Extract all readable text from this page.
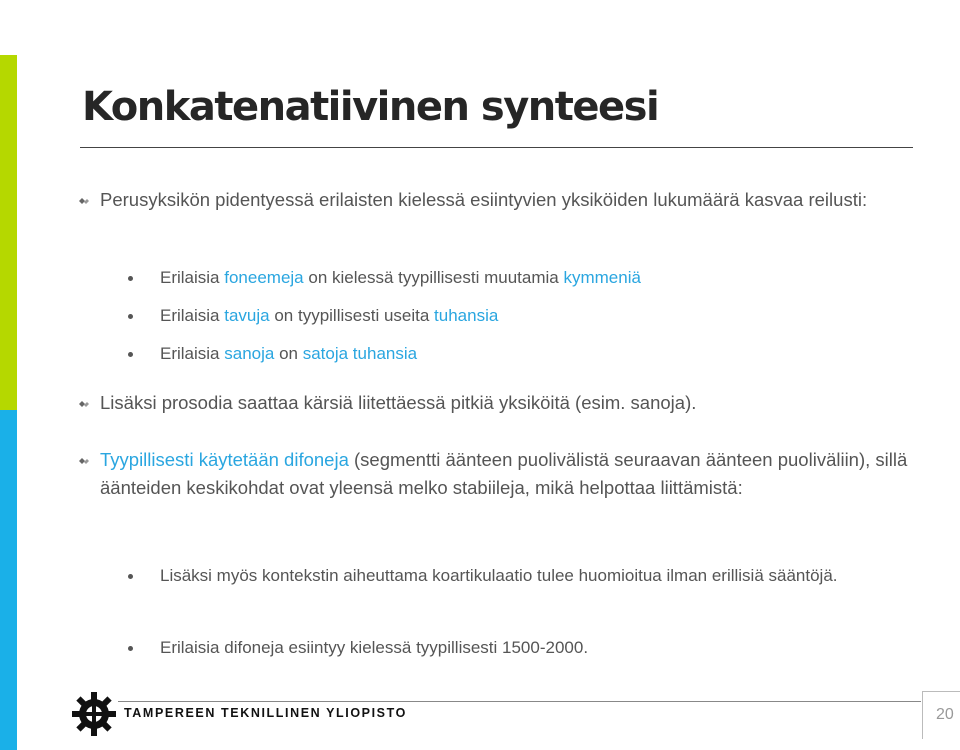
Konkatenatiivinen synteesi
Perusyksikön pidentyessä erilaisten kielessä esiintyvien yksiköiden lukumäärä kasvaa reilusti:
Erilaisia foneemeja on kielessä tyypillisesti muutamia kymmeniä
Erilaisia tavuja on tyypillisesti useita tuhansia
Erilaisia sanoja on satoja tuhansia
Lisäksi prosodia saattaa kärsiä liitettäessä pitkiä yksiköitä (esim. sanoja).
Tyypillisesti käytetään difoneja (segmentti äänteen puolivälistä seuraavan äänteen puoliväliin), sillä äänteiden keskikohdat ovat yleensä melko stabiileja, mikä helpottaa liittämistä:
Lisäksi myös kontekstin aiheuttama koartikulaatio tulee huomioitua ilman erillisiä sääntöjä.
Erilaisia difoneja esiintyy kielessä tyypillisesti 1500-2000.
TAMPEREEN TEKNILLINEN YLIOPISTO	20
